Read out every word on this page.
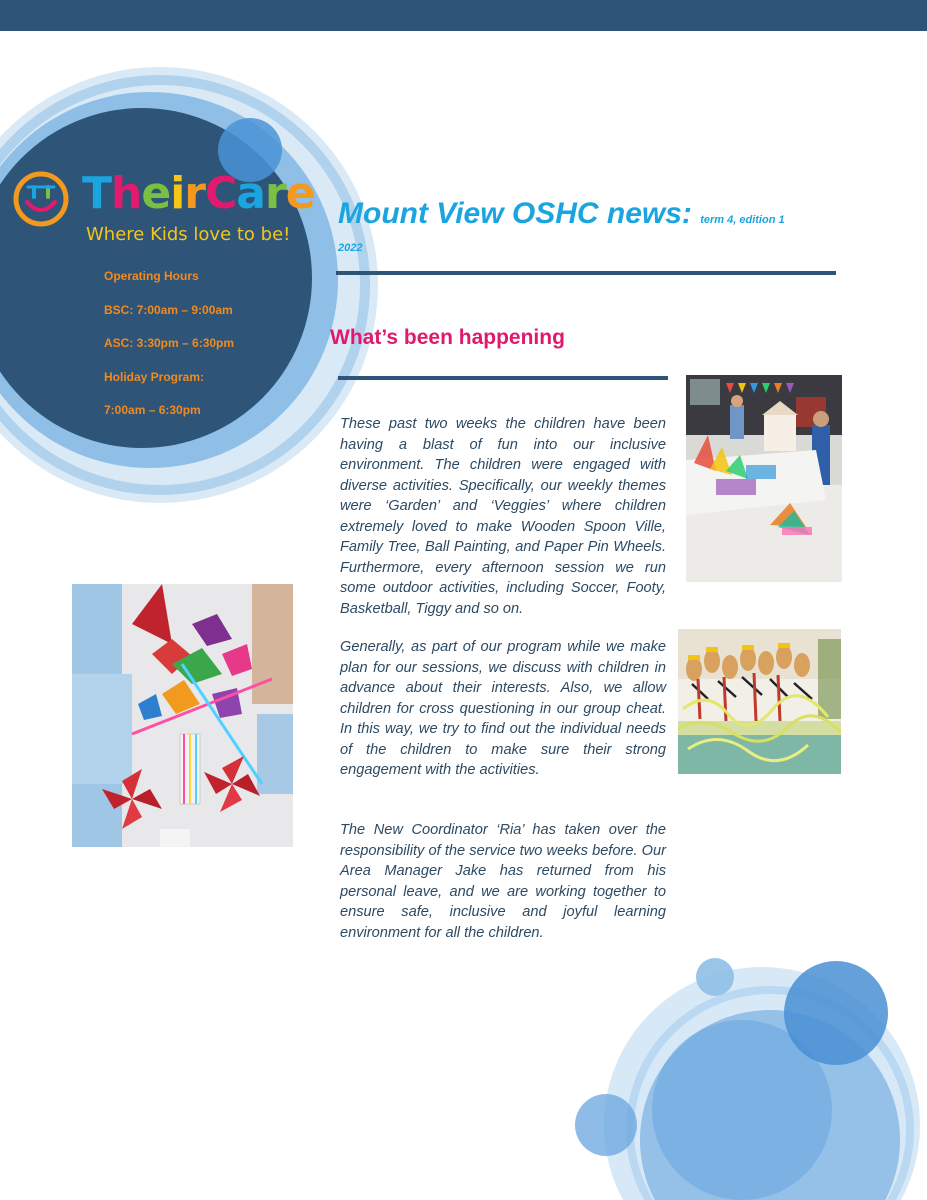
TheirCare
Where Kids love to be!
Operating Hours
BSC: 7:00am – 9:00am
ASC: 3:30pm – 6:30pm
Holiday Program:
7:00am – 6:30pm
Mount View OSHC news: term 4, edition 1
2022
What’s been happening

These past two weeks the children have been having a blast of fun into our inclusive environment. The children were engaged with diverse activities. Specifically, our weekly themes were ‘Garden’ and ‘Veggies’ where children extremely loved to make Wooden Spoon Ville, Family Tree, Ball Painting, and Paper Pin Wheels. Furthermore, every afternoon session we run some outdoor activities, including Soccer, Footy, Basketball, Tiggy and so on.

Generally, as part of our program while we make plan for our sessions, we discuss with children in advance about their interests. Also, we allow children for cross questioning in our group cheat. In this way, we try to find out the individual needs of the children to make sure their strong engagement with the activities.

The New Coordinator ‘Ria’ has taken over the responsibility of the service two weeks before. Our Area Manager Jake has returned from his personal leave, and we are working together to ensure safe, inclusive and joyful learning environment for all the children.
